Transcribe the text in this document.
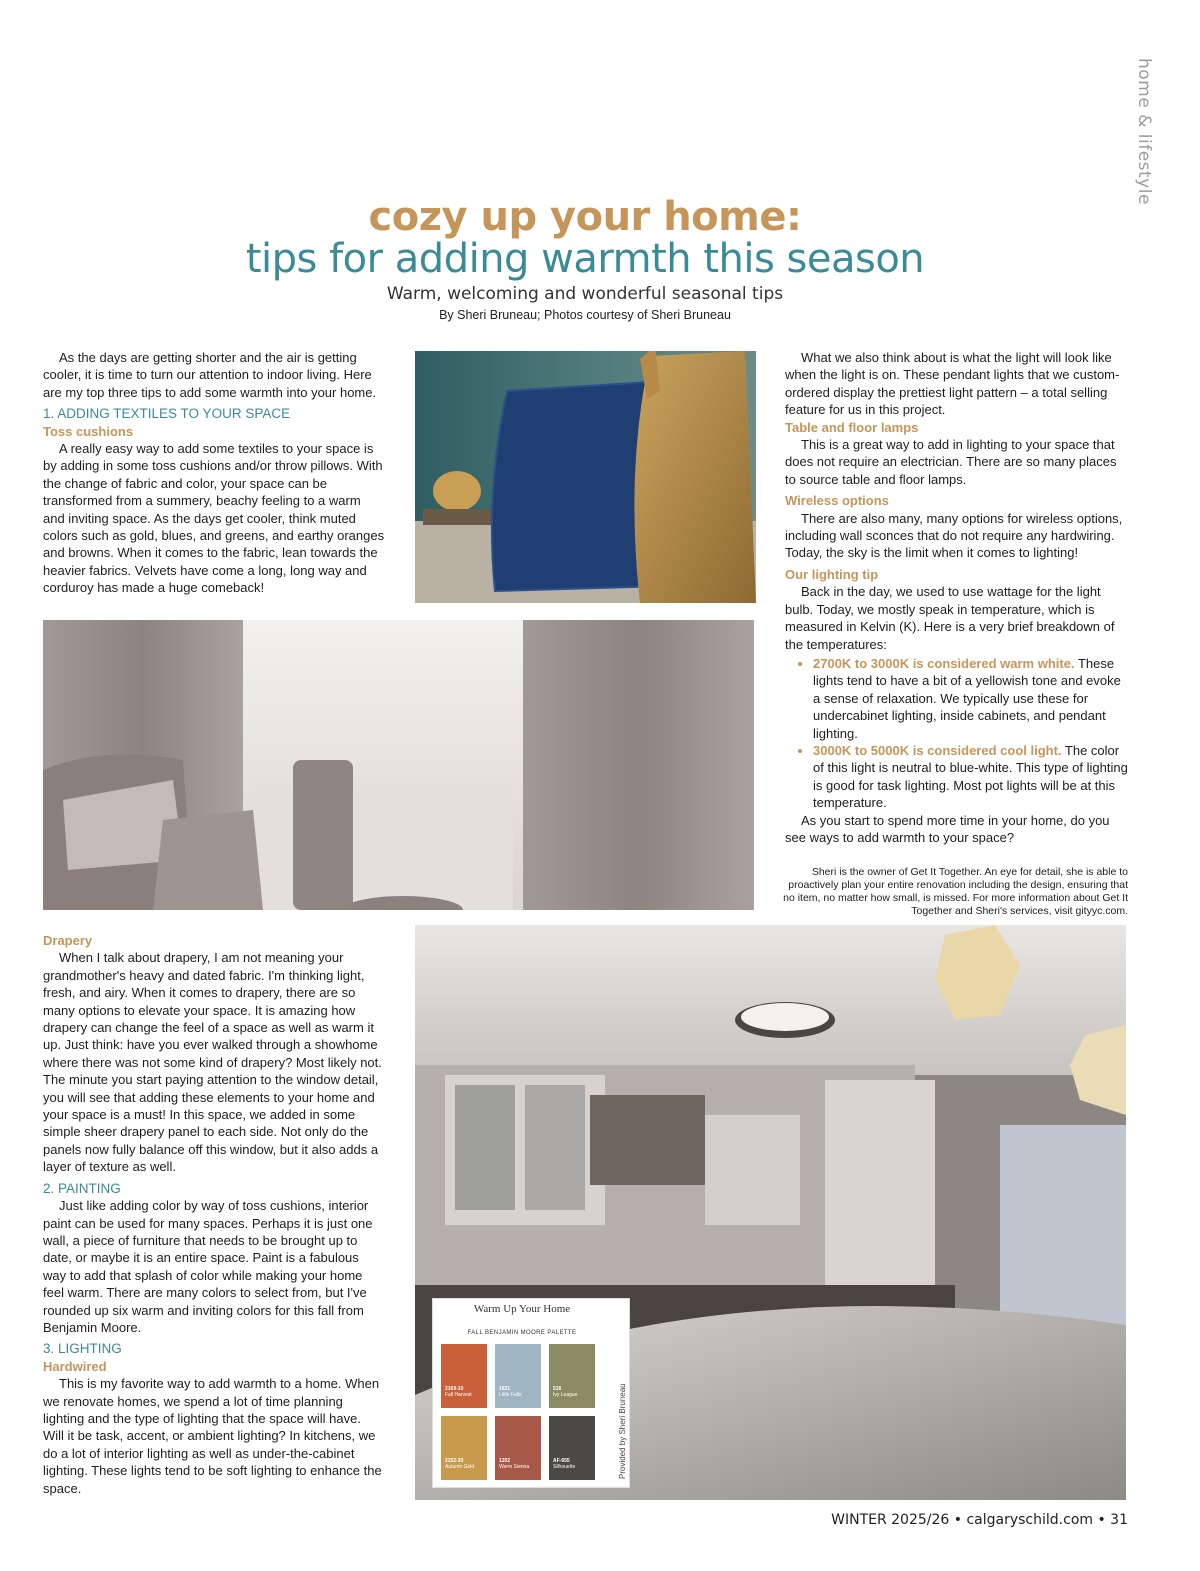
home & lifestyle
cozy up your home:
tips for adding warmth this season
Warm, welcoming and wonderful seasonal tips
By Sheri Bruneau; Photos courtesy of Sheri Bruneau

As the days are getting shorter and the air is getting cooler, it is time to turn our attention to indoor living. Here are my top three tips to add some warmth into your home.

1. ADDING TEXTILES TO YOUR SPACE
Toss cushions

A really easy way to add some textiles to your space is by adding in some toss cushions and/or throw pillows. With the change of fabric and color, your space can be transformed from a summery, beachy feeling to a warm and inviting space. As the days get cooler, think muted colors such as gold, blues, and greens, and earthy oranges and browns. When it comes to the fabric, lean towards the heavier fabrics. Velvets have come a long, long way and corduroy has made a huge comeback!

Drapery

When I talk about drapery, I am not meaning your grandmother's heavy and dated fabric. I'm thinking light, fresh, and airy. When it comes to drapery, there are so many options to elevate your space. It is amazing how drapery can change the feel of a space as well as warm it up. Just think: have you ever walked through a showhome where there was not some kind of drapery? Most likely not. The minute you start paying attention to the window detail, you will see that adding these elements to your home and your space is a must! In this space, we added in some simple sheer drapery panel to each side. Not only do the panels now fully balance off this window, but it also adds a layer of texture as well.

2. PAINTING

Just like adding color by way of toss cushions, interior paint can be used for many spaces. Perhaps it is just one wall, a piece of furniture that needs to be brought up to date, or maybe it is an entire space. Paint is a fabulous way to add that splash of color while making your home feel warm. There are many colors to select from, but I've rounded up six warm and inviting colors for this fall from Benjamin Moore.

3. LIGHTING
Hardwired

This is my favorite way to add warmth to a home. When we renovate homes, we spend a lot of time planning lighting and the type of lighting that the space will have. Will it be task, accent, or ambient lighting? In kitchens, we do a lot of interior lighting as well as under-the-cabinet lighting. These lights tend to be soft lighting to enhance the space.

What we also think about is what the light will look like when the light is on. These pendant lights that we custom-ordered display the prettiest light pattern – a total selling feature for us in this project.

Table and floor lamps

This is a great way to add in lighting to your space that does not require an electrician. There are so many places to source table and floor lamps.

Wireless options

There are also many, many options for wireless options, including wall sconces that do not require any hardwiring. Today, the sky is the limit when it comes to lighting!

Our lighting tip

Back in the day, we used to use wattage for the light bulb. Today, we mostly speak in temperature, which is measured in Kelvin (K). Here is a very brief breakdown of the temperatures:

• 2700K to 3000K is considered warm white. These lights tend to have a bit of a yellowish tone and evoke a sense of relaxation. We typically use these for undercabinet lighting, inside cabinets, and pendant lighting.
• 3000K to 5000K is considered cool light. The color of this light is neutral to blue-white. This type of lighting is good for task lighting. Most pot lights will be at this temperature.

As you start to spend more time in your home, do you see ways to add warmth to your space?

Sheri is the owner of Get It Together. An eye for detail, she is able to proactively plan your entire renovation including the design, ensuring that no item, no matter how small, is missed. For more information about Get It Together and Sheri's services, visit gityyc.com.
Warm Up Your Home
FALL BENJAMIN MOORE PALETTE
2169-10
Fall Harvest
1621
Little Falls
516
Ivy League
2152-30
Autumn Gold
1202
Warm Sienna
AF-655
Silhouette	Provided by Sheri Bruneau
WINTER 2025/26 • calgaryschild.com • 31
